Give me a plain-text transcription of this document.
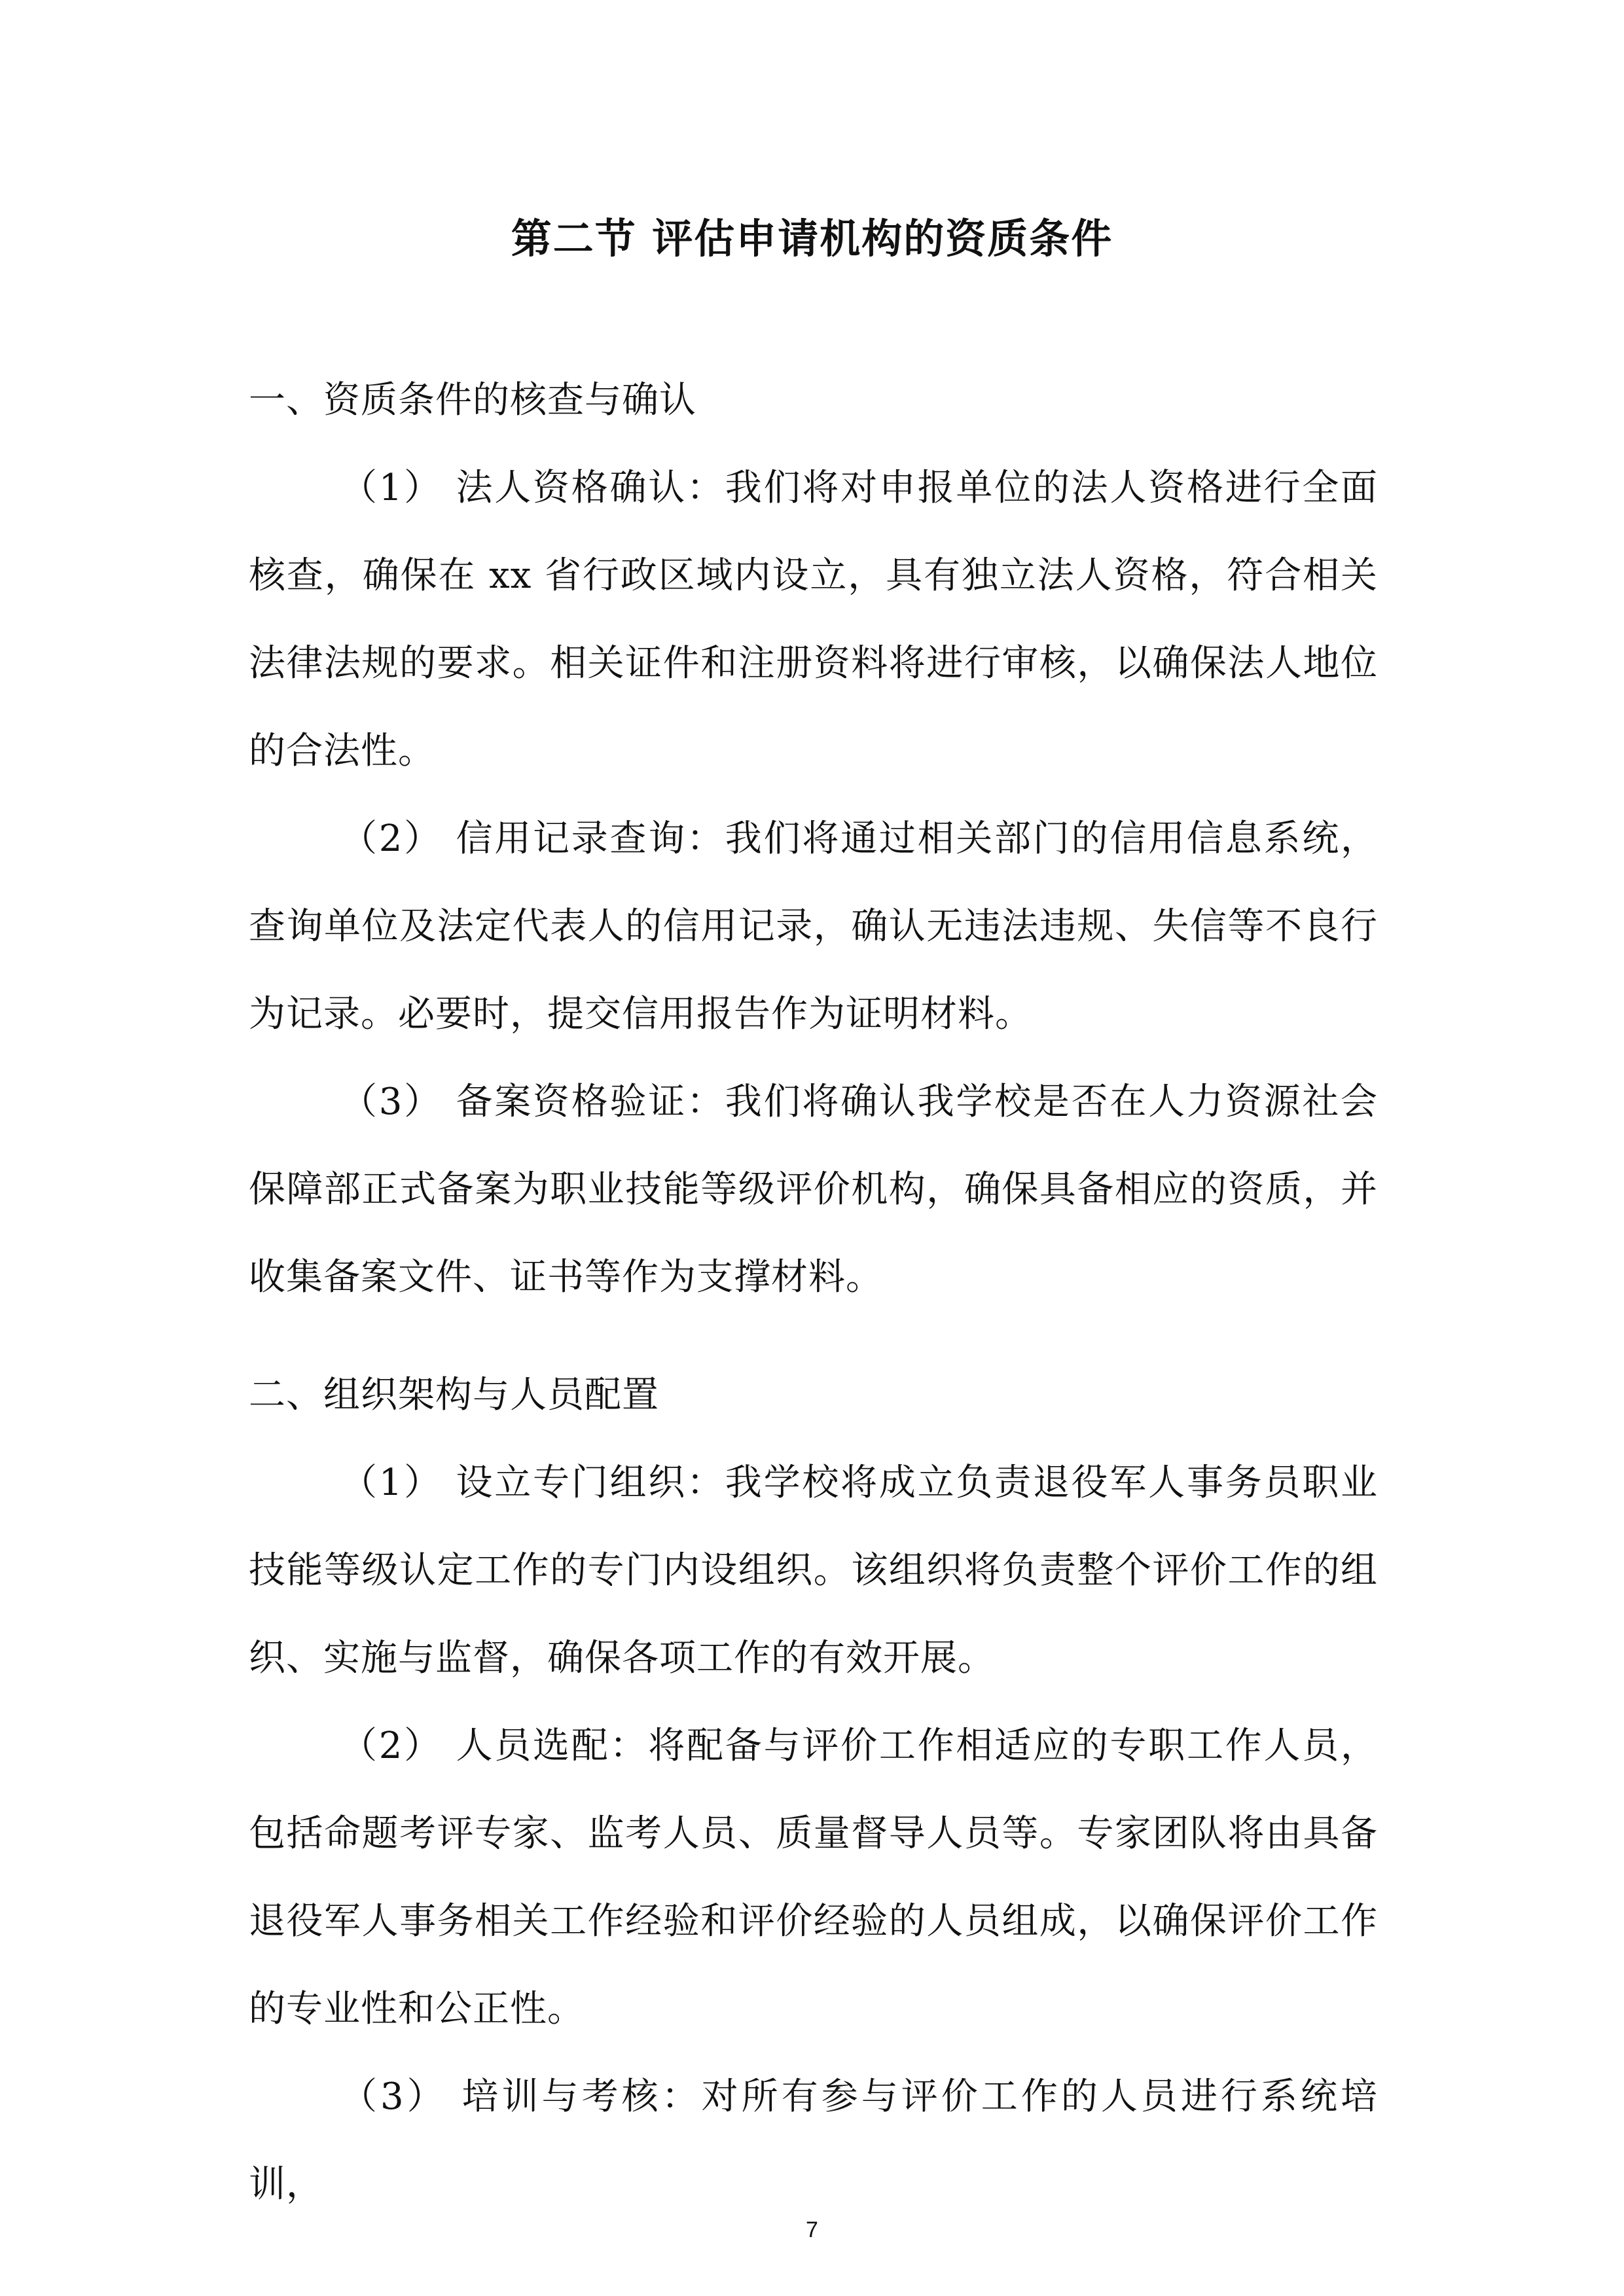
第二节 评估申请机构的资质条件
一、资质条件的核查与确认

（1） 法人资格确认：我们将对申报单位的法人资格进行全面核查，确保在 xx 省行政区域内设立，具有独立法人资格，符合相关法律法规的要求。相关证件和注册资料将进行审核，以确保法人地位的合法性。

（2） 信用记录查询：我们将通过相关部门的信用信息系统，查询单位及法定代表人的信用记录，确认无违法违规、失信等不良行为记录。必要时，提交信用报告作为证明材料。

（3） 备案资格验证：我们将确认我学校是否在人力资源社会保障部正式备案为职业技能等级评价机构，确保具备相应的资质，并收集备案文件、证书等作为支撑材料。

二、组织架构与人员配置

（1） 设立专门组织：我学校将成立负责退役军人事务员职业技能等级认定工作的专门内设组织。该组织将负责整个评价工作的组织、实施与监督，确保各项工作的有效开展。

（2） 人员选配：将配备与评价工作相适应的专职工作人员，包括命题考评专家、监考人员、质量督导人员等。专家团队将由具备退役军人事务相关工作经验和评价经验的人员组成，以确保评价工作的专业性和公正性。

（3） 培训与考核：对所有参与评价工作的人员进行系统培训，

7
